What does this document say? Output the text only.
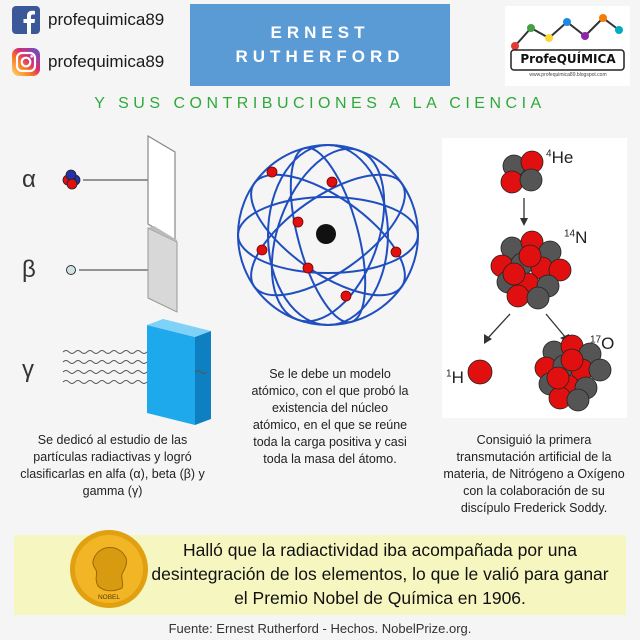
profequimica89
profequimica89
ERNEST
RUTHERFORD	ProfeQUÍMICA
www.profequimica89.blogspot.com
Y SUS CONTRIBUCIONES A LA CIENCIA
α
β
γ
Se dedicó al estudio de las partículas radiactivas y logró clasificarlas en alfa (α), beta (β) y gamma (γ)
Se le debe un modelo atómico, con el que probó la existencia del núcleo atómico, en el que se reúne toda la carga positiva y casi toda la masa del átomo.
$^4$He
$^{14}$N
$^1$H
$^{17}$O
Consiguió la primera transmutación artificial de la materia, de Nitrógeno a Oxígeno con la colaboración de su discípulo Frederick Soddy.
NOBEL
Halló que la radiactividad iba acompañada por una desintegración de los elementos, lo que le valió para ganar el Premio Nobel de Química en 1906.
Fuente: Ernest Rutherford - Hechos. NobelPrize.org.
